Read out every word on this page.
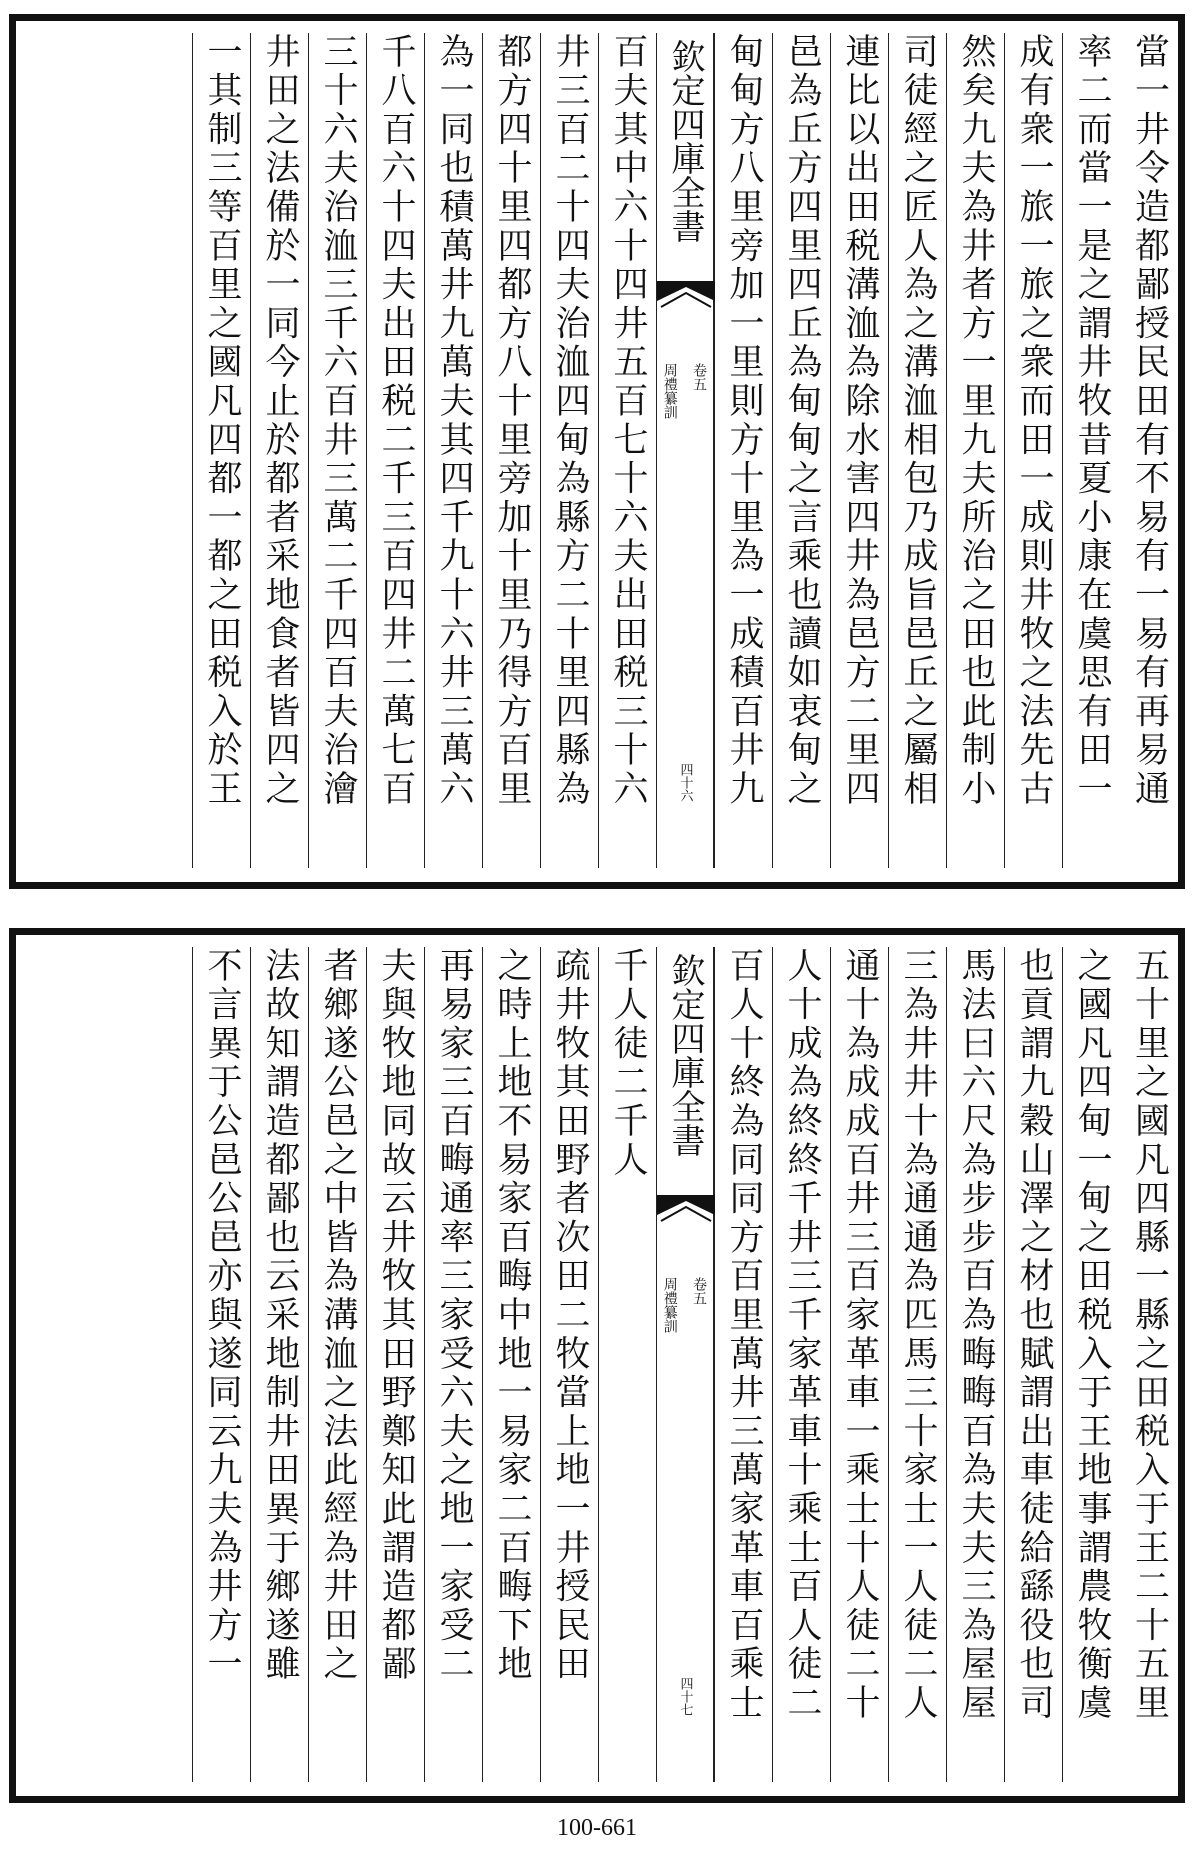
當一井令造都鄙授民田有不易有一易有再易通
率二而當一是之謂井牧昔夏小康在虞思有田一
成有衆一旅一旅之衆而田一成則井牧之法先古
然矣九夫為井者方一里九夫所治之田也此制小
司徒經之匠人為之溝洫相包乃成旨邑丘之屬相
連比以出田税溝洫為除水害四井為邑方二里四
邑為丘方四里四丘為甸甸之言乘也讀如衷甸之
甸甸方八里旁加一里則方十里為一成積百井九
欽定四庫全書
周禮纂訓 卷五
四十六
百夫其中六十四井五百七十六夫出田税三十六
井三百二十四夫治洫四甸為縣方二十里四縣為
都方四十里四都方八十里旁加十里乃得方百里
為一同也積萬井九萬夫其四千九十六井三萬六
千八百六十四夫出田税二千三百四井二萬七百
三十六夫治洫三千六百井三萬二千四百夫治澮
井田之法備於一同今止於都者采地食者皆四之
一其制三等百里之國凡四都一都之田税入於王
五十里之國凡四縣一縣之田税入于王二十五里
之國凡四甸一甸之田税入于王地事謂農牧衡虞
也貢謂九穀山澤之材也賦謂出車徒給繇役也司
馬法曰六尺為步步百為畮畮百為夫夫三為屋屋
三為井井十為通通為匹馬三十家士一人徒二人
通十為成成百井三百家革車一乘士十人徒二十
人十成為終終千井三千家革車十乘士百人徒二
百人十終為同同方百里萬井三萬家革車百乘士
欽定四庫全書
周禮纂訓 卷五
四十七
千人徒二千人
疏井牧其田野者次田二牧當上地一井授民田
之時上地不易家百畮中地一易家二百畮下地
再易家三百畮通率三家受六夫之地一家受二
夫與牧地同故云井牧其田野鄭知此謂造都鄙
者鄉遂公邑之中皆為溝洫之法此經為井田之
法故知謂造都鄙也云采地制井田異于鄉遂雖
不言異于公邑公邑亦與遂同云九夫為井方一
100-661
